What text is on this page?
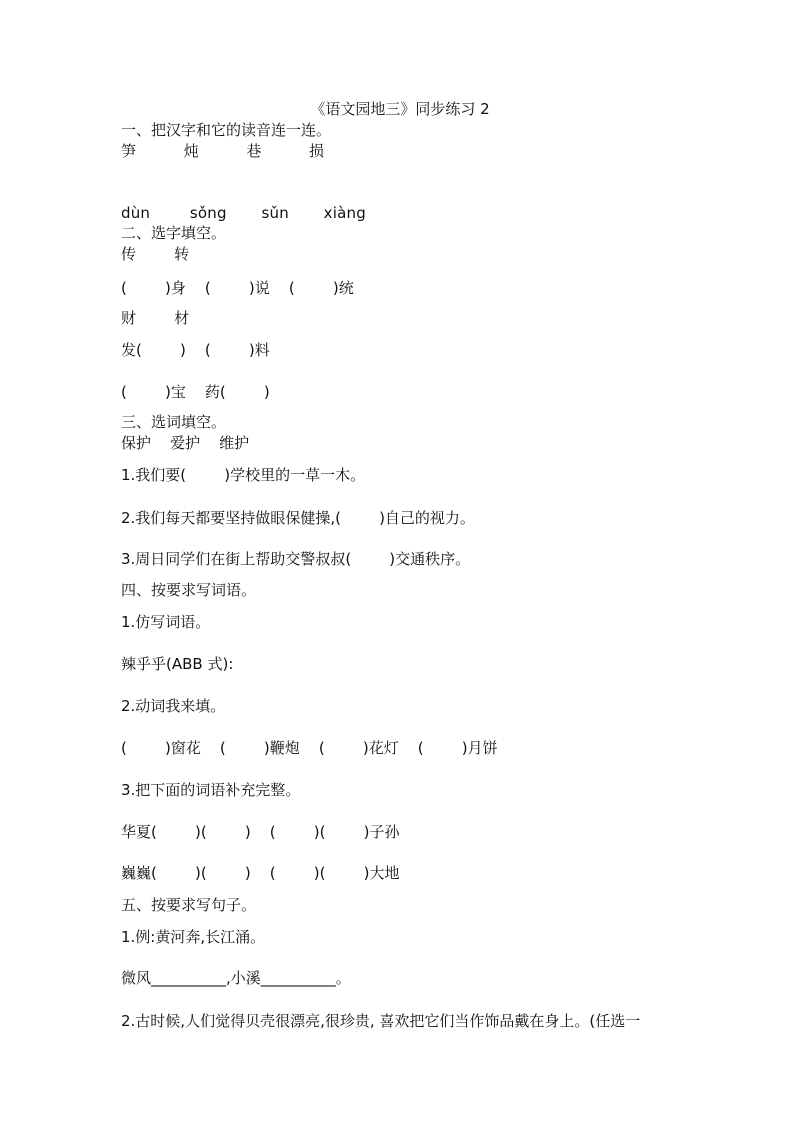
《语文园地三》同步练习 2
一、把汉字和它的读音连一连。
笋          炖          巷          损
dùn        sǒng       sǔn       xiàng
二、选字填空。
传        转
(        )身    (        )说    (        )统
财        材
发(        )    (        )料
(        )宝    药(        )
三、选词填空。
保护    爱护    维护
1.我们要(        )学校里的一草一木。
2.我们每天都要坚持做眼保健操,(        )自己的视力。
3.周日同学们在街上帮助交警叔叔(        )交通秩序。
四、按要求写词语。
1.仿写词语。
辣乎乎(ABB 式):
2.动词我来填。
(        )窗花    (        )鞭炮    (        )花灯    (        )月饼
3.把下面的词语补充完整。
华夏(        )(        )    (        )(        )子孙
巍巍(        )(        )    (        )(        )大地
五、按要求写句子。
1.例:黄河奔,长江涌。
微风__________,小溪__________。
2.古时候,人们觉得贝壳很漂亮,很珍贵, 喜欢把它们当作饰品戴在身上。(任选一
